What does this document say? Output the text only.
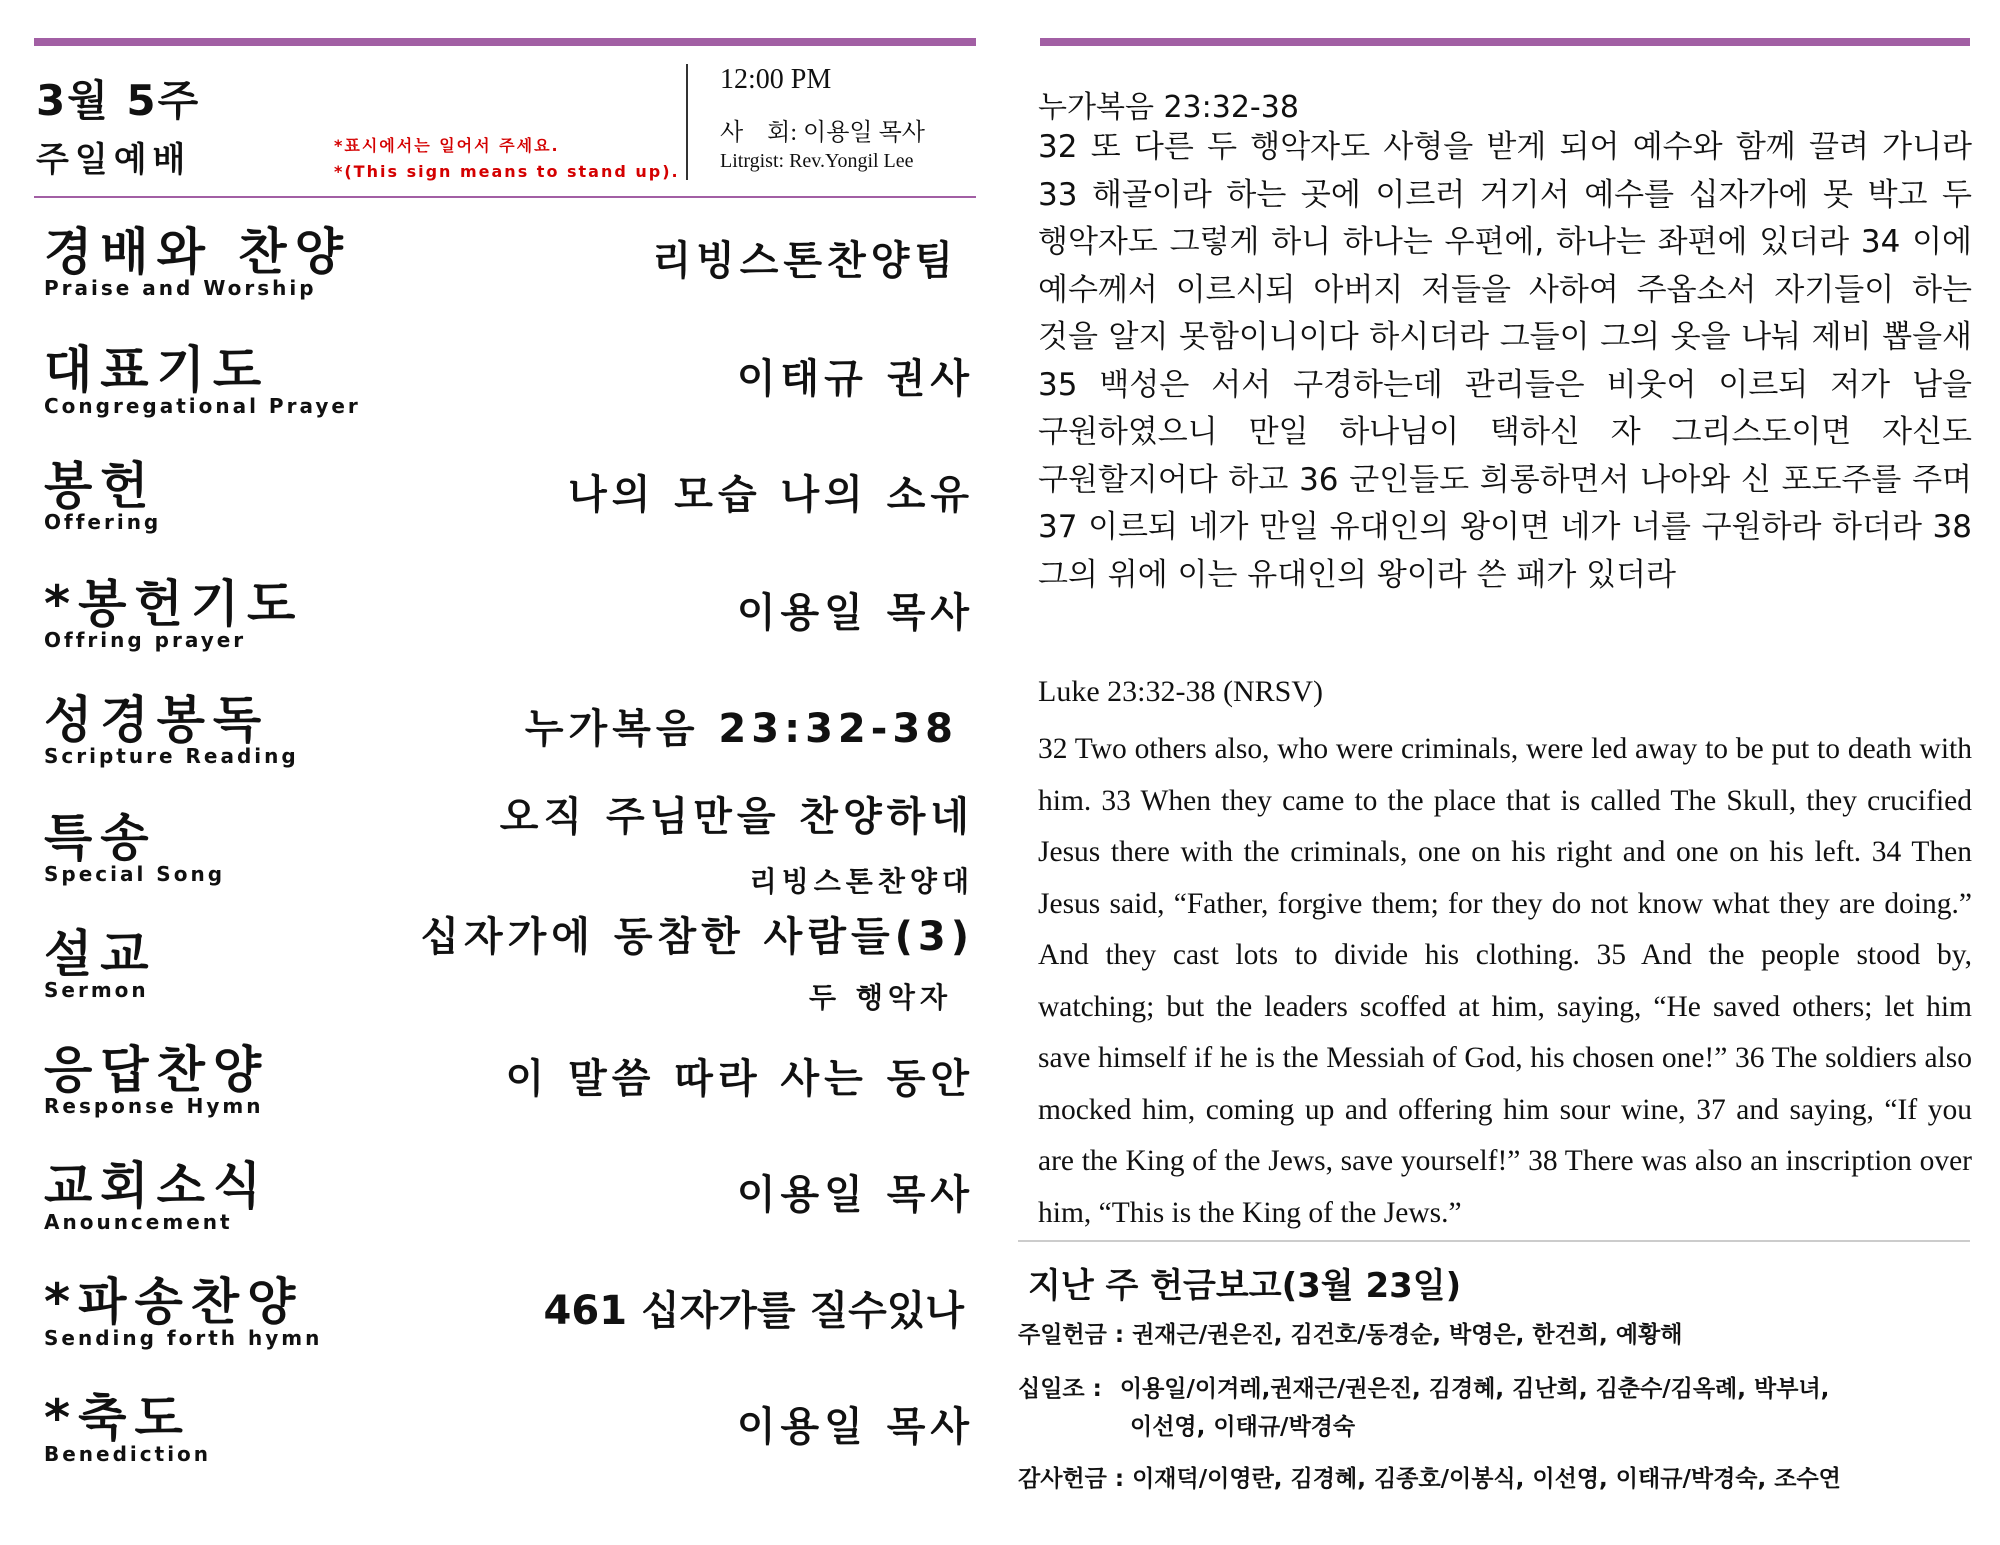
3월 5주
주일예배	*표시에서는 일어서 주세요.
*(This sign means to stand up).
12:00 PM
사　회: 이용일 목사
Litrgist: Rev.Yongil Lee
경배와 찬양
Praise and Worship
리빙스톤찬양팀
대표기도
Congregational Prayer
이태규 권사
봉헌
Offering
나의 모습 나의 소유
*봉헌기도
Offring prayer
이용일 목사
성경봉독
Scripture Reading
누가복음 23:32-38
특송
Special Song
오직 주님만을 찬양하네
리빙스톤찬양대
설교
Sermon
십자가에 동참한 사람들(3)
두 행악자
응답찬양
Response Hymn
이 말씀 따라 사는 동안
교회소식
Anouncement
이용일 목사
*파송찬양
Sending forth hymn
461 십자가를 질수있나
*축도
Benediction
이용일 목사
누가복음 23:32-38
32 또 다른 두 행악자도 사형을 받게 되어 예수와 함께 끌려 가니라 33 해골이라 하는 곳에 이르러 거기서 예수를 십자가에 못 박고 두 행악자도 그렇게 하니 하나는 우편에, 하나는 좌편에 있더라 34 이에 예수께서 이르시되 아버지 저들을 사하여 주옵소서 자기들이 하는 것을 알지 못함이니이다 하시더라 그들이 그의 옷을 나눠 제비 뽑을새 35 백성은 서서 구경하는데 관리들은 비웃어 이르되 저가 남을 구원하였으니 만일 하나님이 택하신 자 그리스도이면 자신도 구원할지어다 하고 36 군인들도 희롱하면서 나아와 신 포도주를 주며 37 이르되 네가 만일 유대인의 왕이면 네가 너를 구원하라 하더라 38 그의 위에 이는 유대인의 왕이라 쓴 패가 있더라
Luke 23:32-38 (NRSV)
32 Two others also, who were criminals, were led away to be put to death with him. 33 When they came to the place that is called The Skull, they crucified Jesus there with the criminals, one on his right and one on his left. 34 Then Jesus said, “Father, forgive them; for they do not know what they are doing.” And they cast lots to divide his clothing. 35 And the people stood by, watching; but the leaders scoffed at him, saying, “He saved others; let him save himself if he is the Messiah of God, his chosen one!” 36 The soldiers also mocked him, coming up and offering him sour wine, 37 and saying, “If you are the King of the Jews, save yourself!” 38 There was also an inscription over him, “This is the King of the Jews.”
지난 주 헌금보고(3월 23일)
주일헌금 : 권재근/권은진, 김건호/동경순, 박영은, 한건희, 예황해
십일조 : 이용일/이겨레,권재근/권은진, 김경혜, 김난희, 김춘수/김옥례, 박부녀,
이선영, 이태규/박경숙
감사헌금 : 이재덕/이영란, 김경혜, 김종호/이봉식, 이선영, 이태규/박경숙, 조수연
